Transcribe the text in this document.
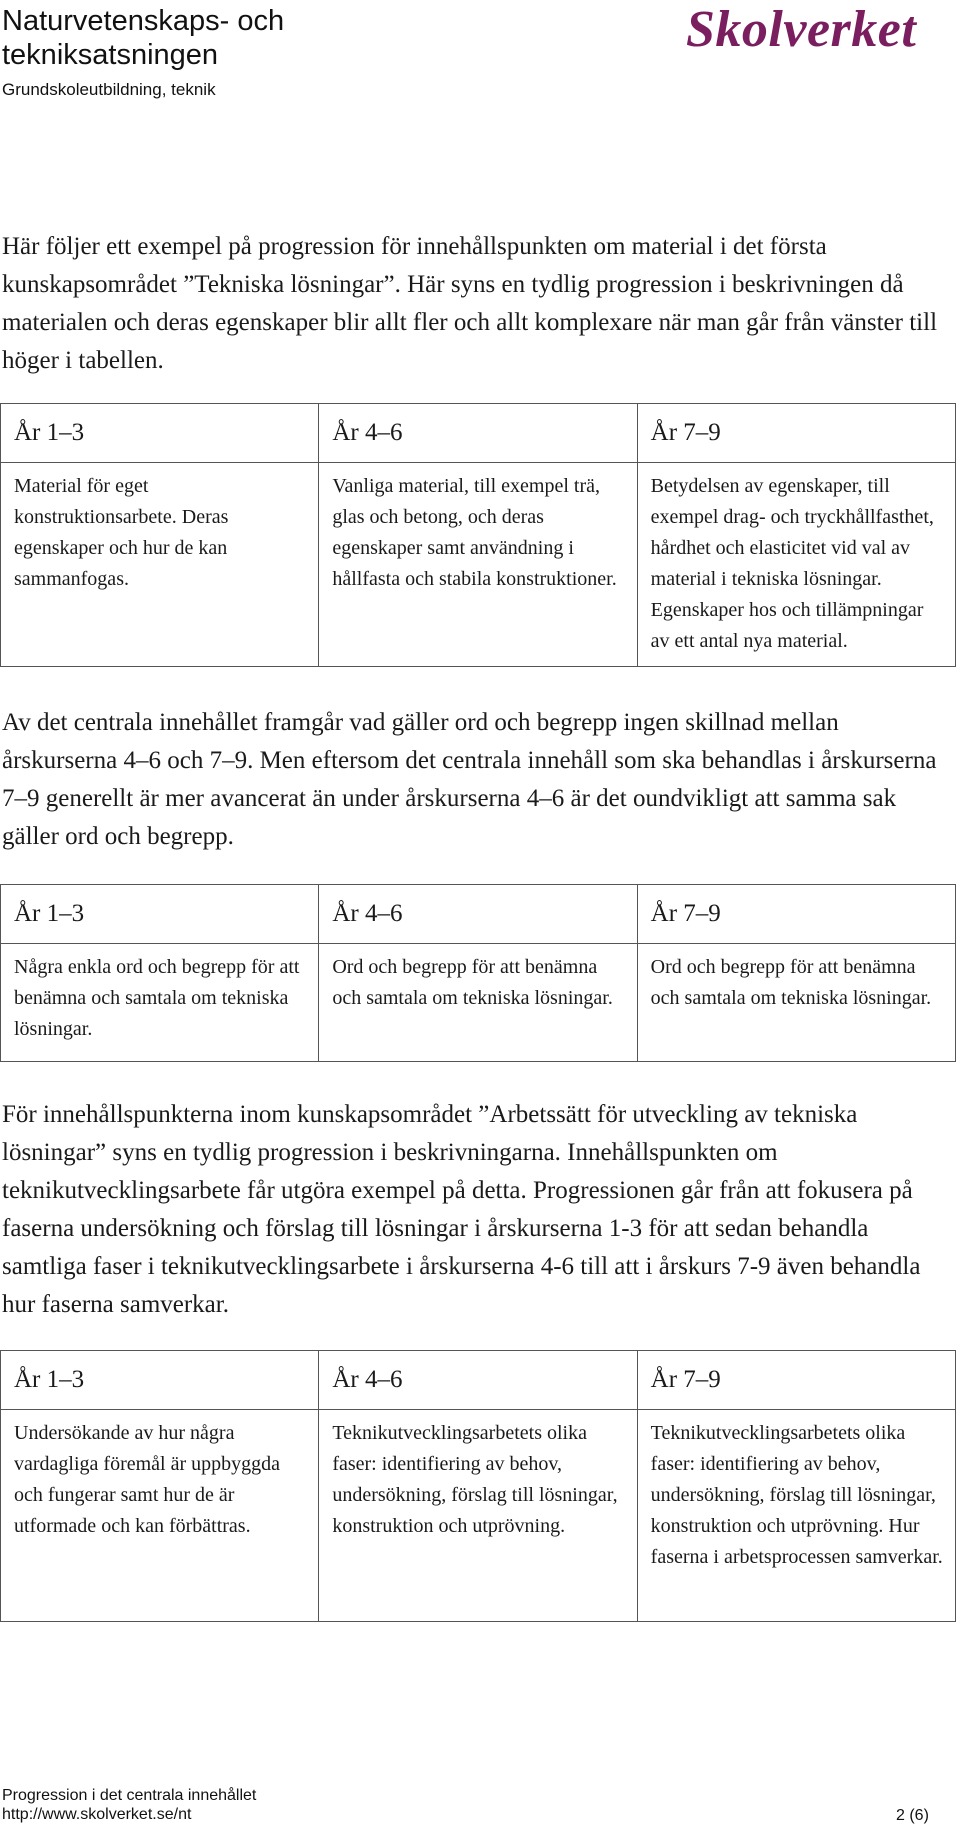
Naturvetenskaps- och tekniksatsningen
Grundskoleutbildning, teknik
Skolverket
Här följer ett exempel på progression för innehållspunkten om material i det första kunskapsområdet ”Tekniska lösningar”. Här syns en tydlig progression i beskrivningen då materialen och deras egenskaper blir allt fler och allt komplexare när man går från vänster till höger i tabellen.
År 1–3	År 4–6	År 7–9
Material för eget konstruktionsarbete. Deras egenskaper och hur de kan sammanfogas.	Vanliga material, till exempel trä, glas och betong, och deras egenskaper samt användning i hållfasta och stabila konstruktioner.	Betydelsen av egenskaper, till exempel drag- och tryckhållfasthet, hårdhet och elasticitet vid val av material i tekniska lösningar. Egenskaper hos och tillämpningar av ett antal nya material.
Av det centrala innehållet framgår vad gäller ord och begrepp ingen skillnad mellan årskurserna 4–6 och 7–9. Men eftersom det centrala innehåll som ska behandlas i årskurserna 7–9 generellt är mer avancerat än under årskurserna 4–6 är det oundvikligt att samma sak gäller ord och begrepp.
År 1–3	År 4–6	År 7–9
Några enkla ord och begrepp för att benämna och samtala om tekniska lösningar.	Ord och begrepp för att benämna och samtala om tekniska lösningar.	Ord och begrepp för att benämna och samtala om tekniska lösningar.
För innehållspunkterna inom kunskapsområdet ”Arbetssätt för utveckling av tekniska lösningar” syns en tydlig progression i beskrivningarna. Innehållspunkten om teknikutvecklingsarbete får utgöra exempel på detta. Progressionen går från att fokusera på faserna undersökning och förslag till lösningar i årskurserna 1-3 för att sedan behandla samtliga faser i teknikutvecklingsarbete i årskurserna 4-6 till att i årskurs 7-9 även behandla hur faserna samverkar.
År 1–3	År 4–6	År 7–9
Undersökande av hur några vardagliga föremål är uppbyggda och fungerar samt hur de är utformade och kan förbättras.	Teknikutvecklingsarbetets olika faser: identifiering av behov, undersökning, förslag till lösningar, konstruktion och utprövning.	Teknikutvecklingsarbetets olika faser: identifiering av behov, undersökning, förslag till lösningar, konstruktion och utprövning. Hur faserna i arbetsprocessen samverkar.
Progression i det centrala innehållet
http://www.skolverket.se/nt	2 (6)
